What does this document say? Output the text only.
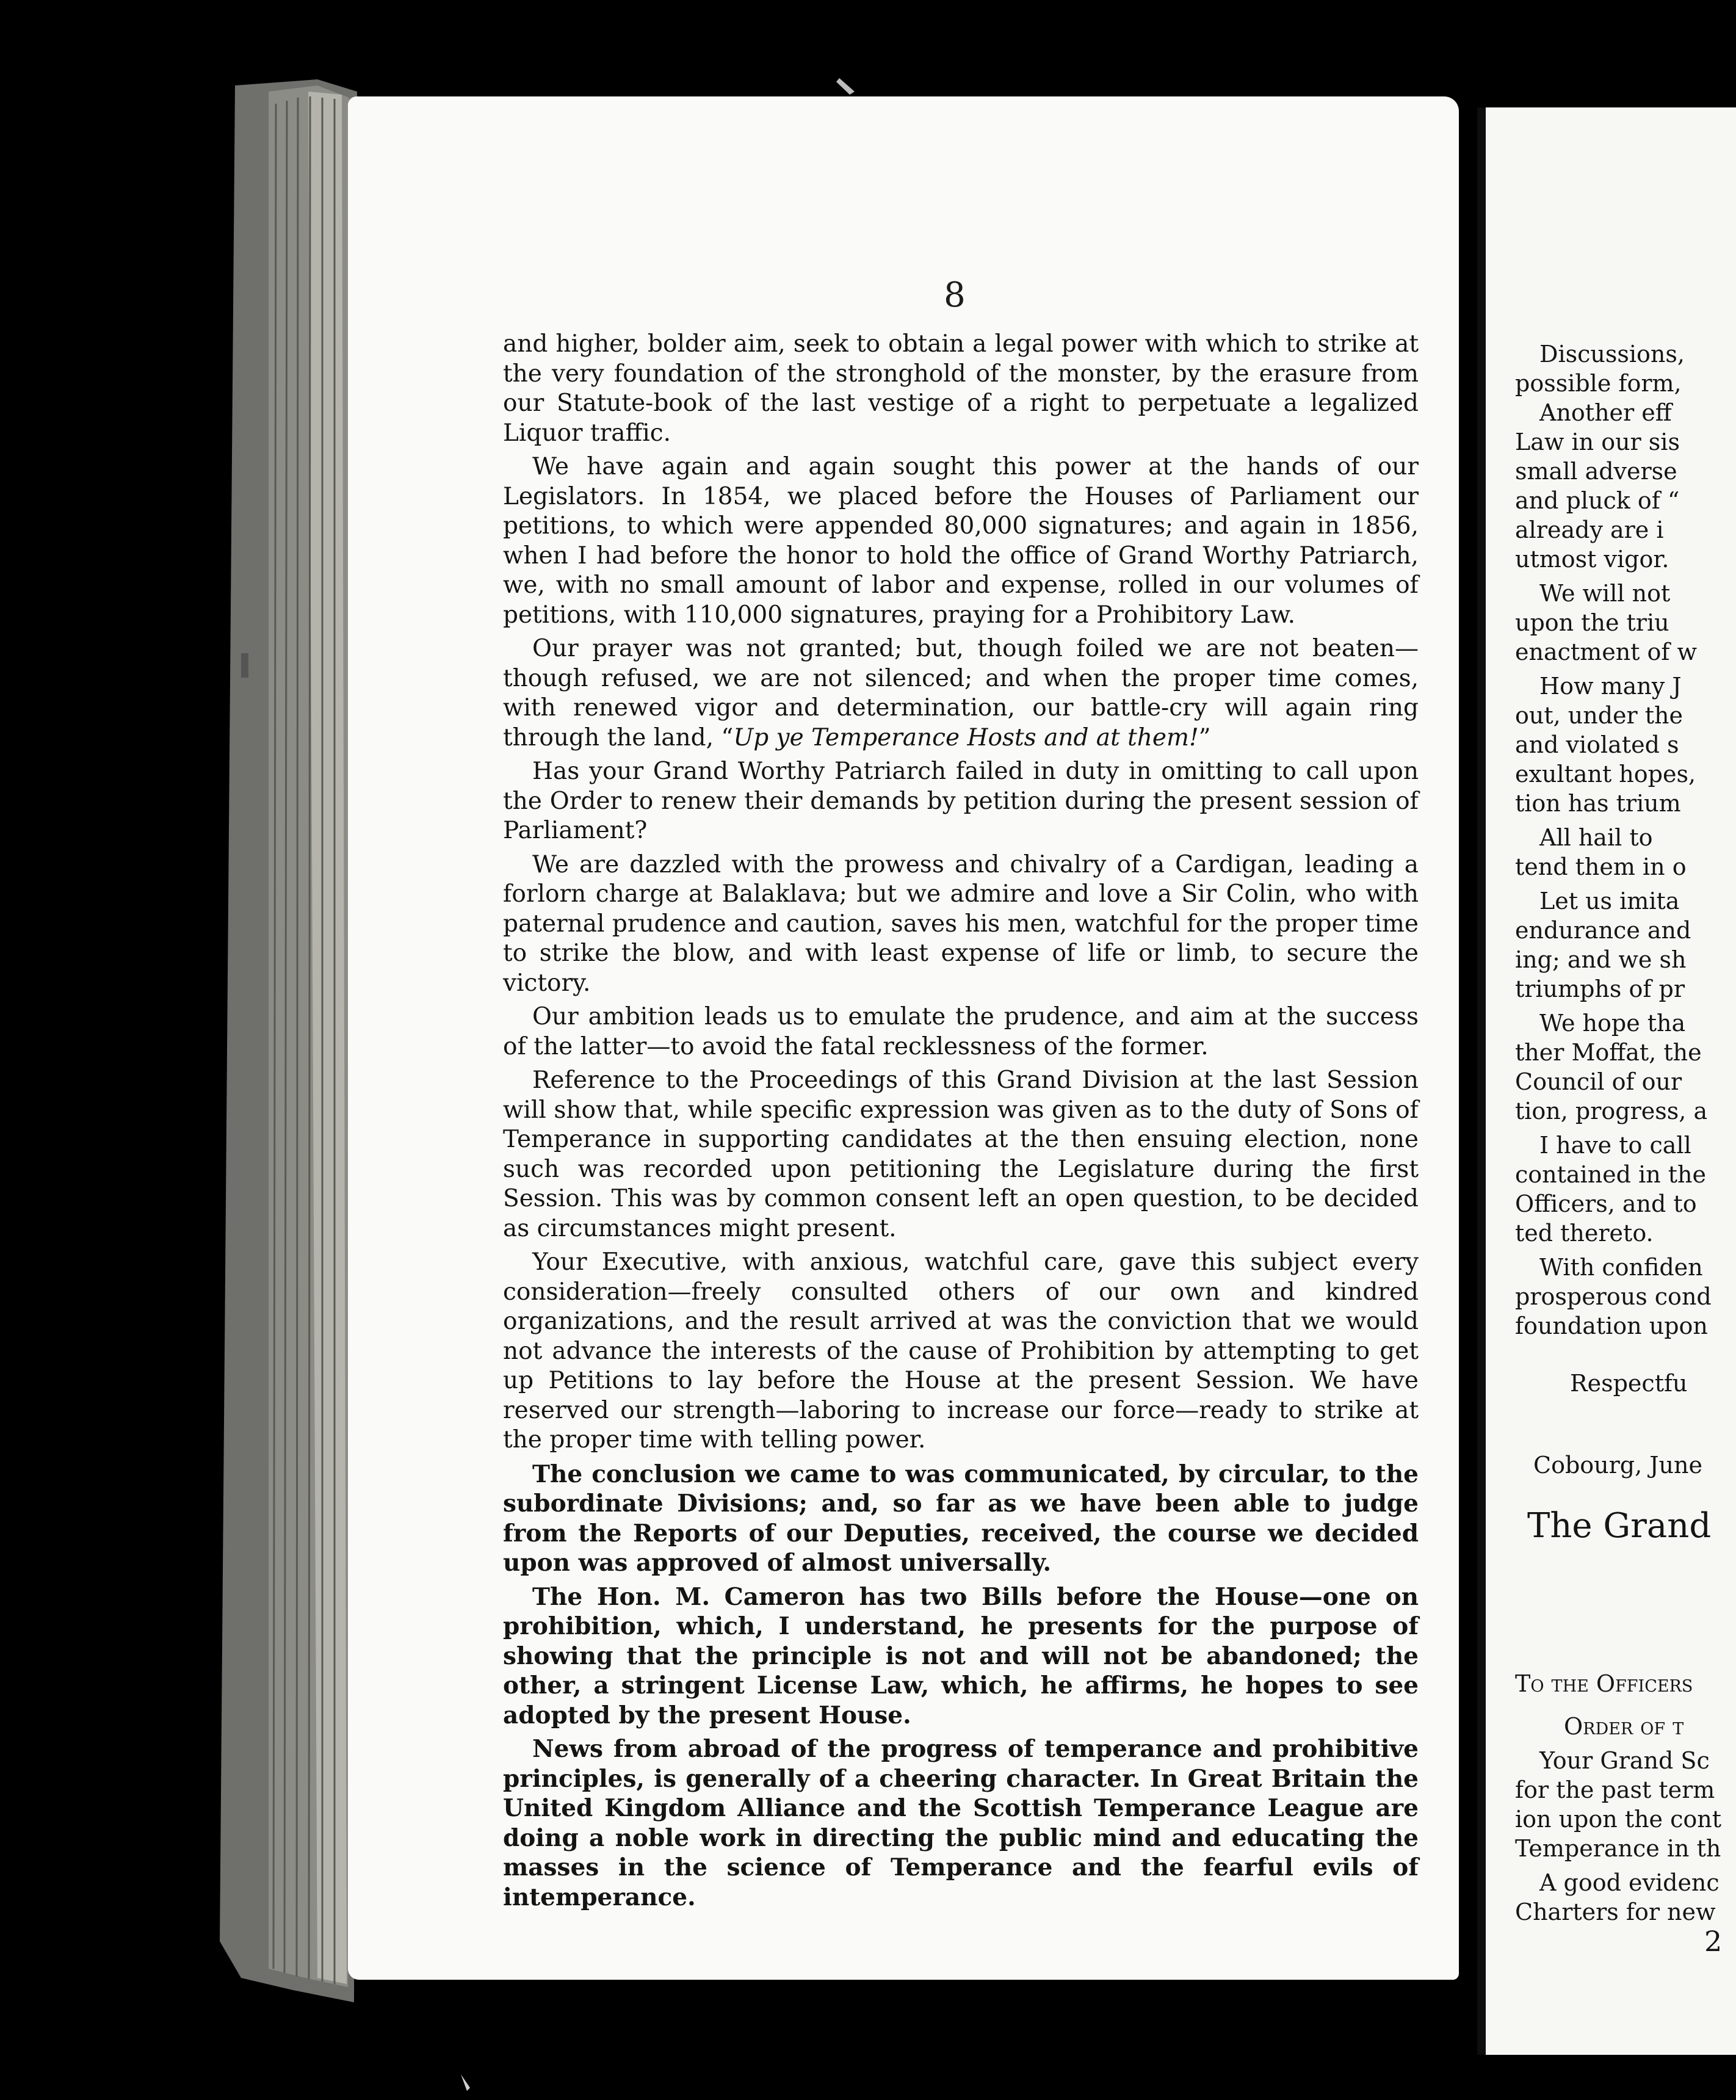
8

and higher, bolder aim, seek to obtain a legal power with which to strike at the very foundation of the stronghold of the monster, by the erasure from our Statute-book of the last vestige of a right to perpetuate a legalized Liquor traffic.

We have again and again sought this power at the hands of our Legislators. In 1854, we placed before the Houses of Parliament our petitions, to which were appended 80,000 signatures; and again in 1856, when I had before the honor to hold the office of Grand Worthy Patriarch, we, with no small amount of labor and expense, rolled in our volumes of petitions, with 110,000 signatures, praying for a Prohibitory Law.

Our prayer was not granted; but, though foiled we are not beaten—though refused, we are not silenced; and when the proper time comes, with renewed vigor and determination, our battle-cry will again ring through the land, “Up ye Temperance Hosts and at them!”

Has your Grand Worthy Patriarch failed in duty in omitting to call upon the Order to renew their demands by petition during the present session of Parliament?

We are dazzled with the prowess and chivalry of a Cardigan, leading a forlorn charge at Balaklava; but we admire and love a Sir Colin, who with paternal prudence and caution, saves his men, watchful for the proper time to strike the blow, and with least expense of life or limb, to secure the victory.

Our ambition leads us to emulate the prudence, and aim at the success of the latter—to avoid the fatal recklessness of the former.

Reference to the Proceedings of this Grand Division at the last Session will show that, while specific expression was given as to the duty of Sons of Temperance in supporting candidates at the then ensuing election, none such was recorded upon petitioning the Legislature during the first Session. This was by common consent left an open question, to be decided as circumstances might present.

Your Executive, with anxious, watchful care, gave this subject every consideration—freely consulted others of our own and kindred organizations, and the result arrived at was the conviction that we would not advance the interests of the cause of Prohibition by attempting to get up Petitions to lay before the House at the present Session. We have reserved our strength—laboring to increase our force—ready to strike at the proper time with telling power.

The conclusion we came to was communicated, by circular, to the subordinate Divisions; and, so far as we have been able to judge from the Reports of our Deputies, received, the course we decided upon was approved of almost universally.

The Hon. M. Cameron has two Bills before the House—one on prohibition, which, I understand, he presents for the purpose of showing that the principle is not and will not be abandoned; the other, a stringent License Law, which, he affirms, he hopes to see adopted by the present House.

News from abroad of the progress of temperance and prohibitive principles, is generally of a cheering character. In Great Britain the United Kingdom Alliance and the Scottish Temperance League are doing a noble work in directing the public mind and educating the masses in the science of Temperance and the fearful evils of intemperance.

Discussions,
possible form,
Another eff
Law in our sis
small adverse
and pluck of “
already are i
utmost vigor.
We will not
upon the triu
enactment of w
How many J
out, under the
and violated s
exultant hopes,
tion has trium
All hail to
tend them in o
Let us imita
endurance and
ing; and we sh
triumphs of pr
We hope tha
ther Moffat, the
Council of our
tion, progress, a
I have to call
contained in the
Officers, and to
ted thereto.
With confiden
prosperous cond
foundation upon
Respectfu
Cobourg, June
The Grand
To the Officers
Order of t
Your Grand Sc
for the past term
ion upon the cont
Temperance in th
A good evidenc
Charters for new
2
